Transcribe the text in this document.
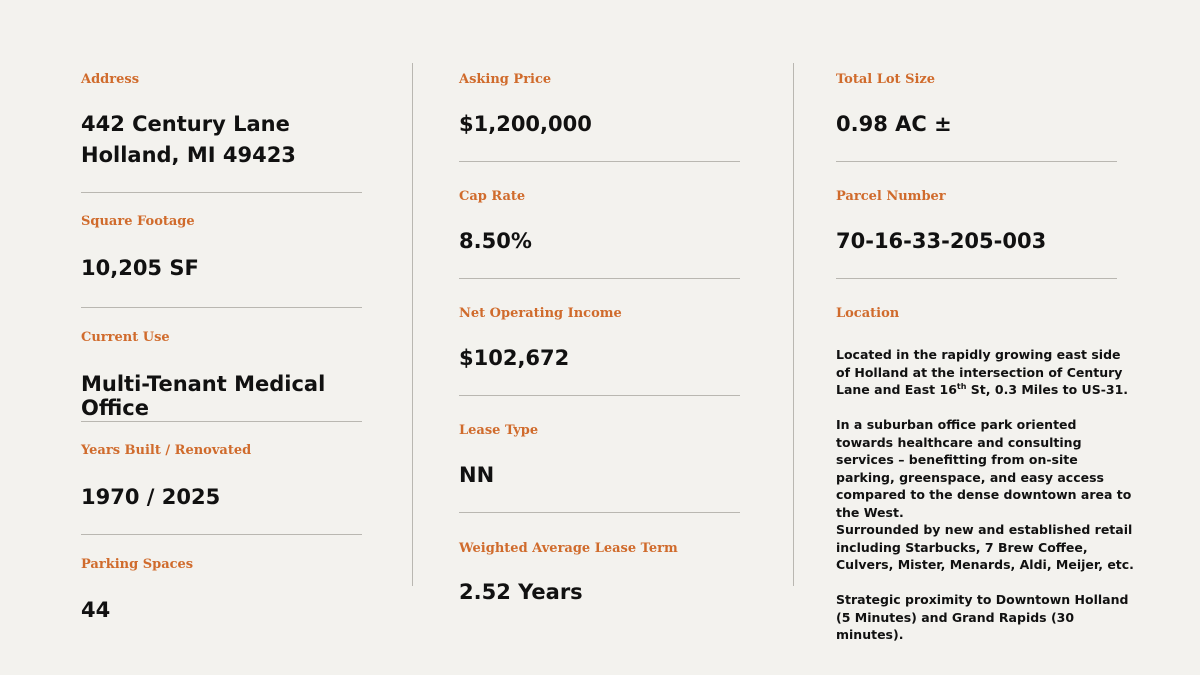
Address
442 Century Lane
Holland, MI 49423
Square Footage
10,205 SF
Current Use
Multi-Tenant Medical Office
Years Built / Renovated
1970 / 2025
Parking Spaces
44
Asking Price
$1,200,000
Cap Rate
8.50%
Net Operating Income
$102,672
Lease Type
NN
Weighted Average Lease Term
2.52 Years
Total Lot Size
0.98 AC ±
Parcel Number
70-16-33-205-003
Location
Located in the rapidly growing east side of Holland at the intersection of Century Lane and East 16th St, 0.3 Miles to US-31.
In a suburban office park oriented towards healthcare and consulting services – benefitting from on-site parking, greenspace, and easy access compared to the dense downtown area to the West.
Surrounded by new and established retail including Starbucks, 7 Brew Coffee, Culvers, Mister, Menards, Aldi, Meijer, etc.
Strategic proximity to Downtown Holland (5 Minutes) and Grand Rapids (30 minutes).
